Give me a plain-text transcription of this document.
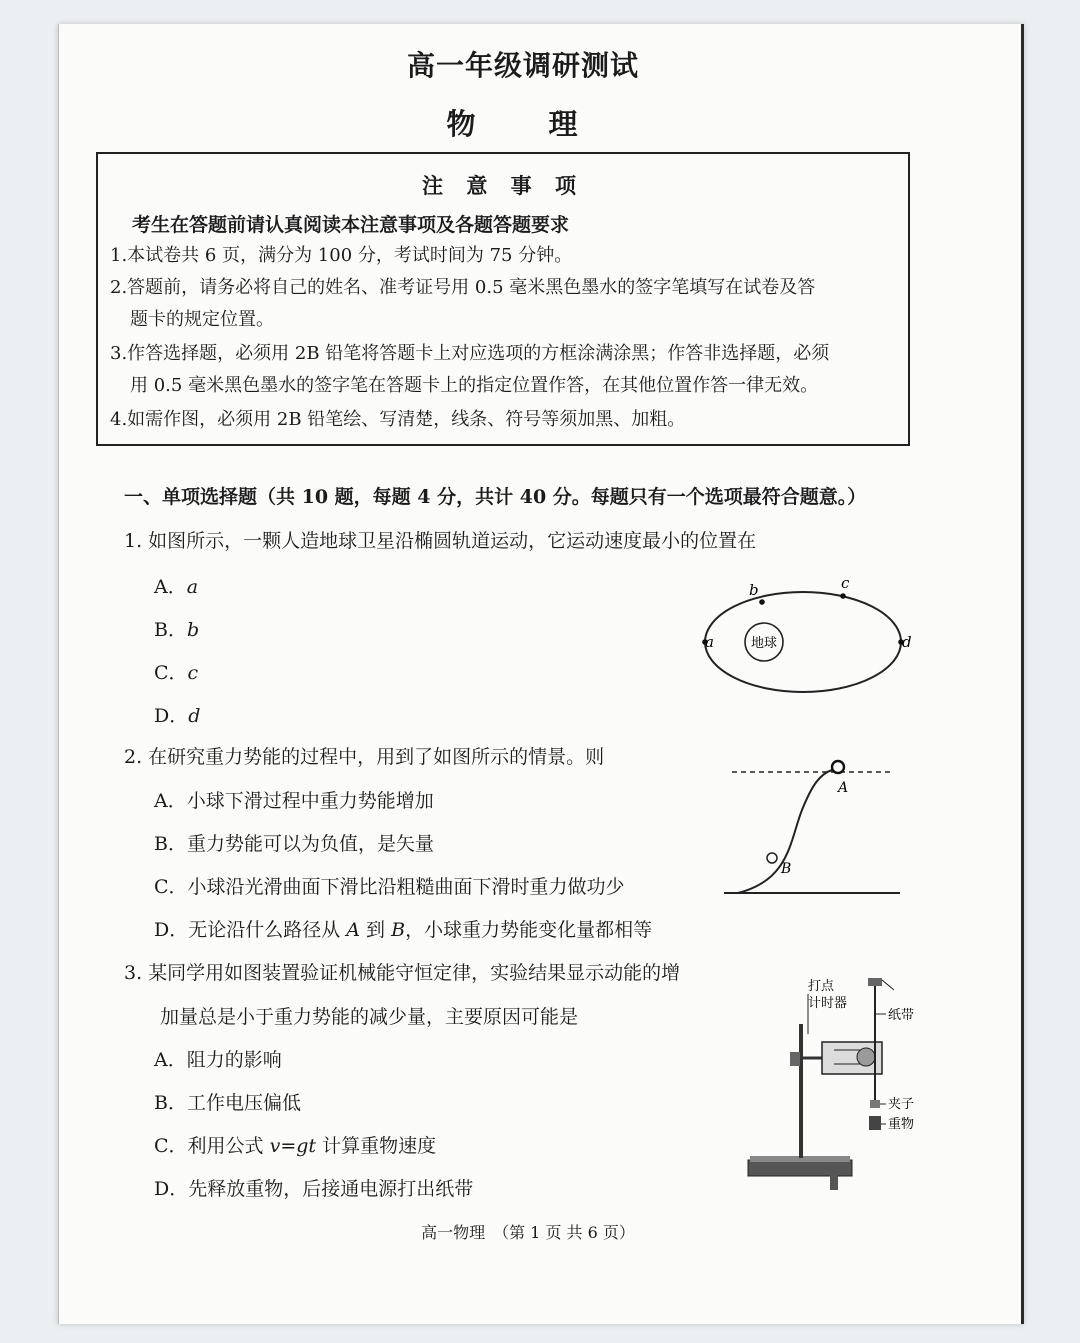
高一年级调研测试
物　理
注 意 事 项
考生在答题前请认真阅读本注意事项及各题答题要求
1.本试卷共 6 页，满分为 100 分，考试时间为 75 分钟。
2.答题前，请务必将自己的姓名、准考证号用 0.5 毫米黑色墨水的签字笔填写在试卷及答
题卡的规定位置。
3.作答选择题，必须用 2B 铅笔将答题卡上对应选项的方框涂满涂黑；作答非选择题，必须
用 0.5 毫米黑色墨水的签字笔在答题卡上的指定位置作答，在其他位置作答一律无效。
4.如需作图，必须用 2B 铅笔绘、写清楚，线条、符号等须加黑、加粗。
一、单项选择题（共 10 题，每题 4 分，共计 40 分。每题只有一个选项最符合题意。）
1. 如图所示，一颗人造地球卫星沿椭圆轨道运动，它运动速度最小的位置在
A．a
B．b
C．c
D．d
地球
b	c
a	d
2. 在研究重力势能的过程中，用到了如图所示的情景。则
A．小球下滑过程中重力势能增加
B．重力势能可以为负值，是矢量
C．小球沿光滑曲面下滑比沿粗糙曲面下滑时重力做功少
D．无论沿什么路径从 A 到 B，小球重力势能变化量都相等
A
B
3. 某同学用如图装置验证机械能守恒定律，实验结果显示动能的增
加量总是小于重力势能的减少量，主要原因可能是
A．阻力的影响
B．工作电压偏低
C．利用公式 v=gt 计算重物速度
D．先释放重物，后接通电源打出纸带
打点
计时器
纸带
夹子
重物
高一物理　（第 1 页 共 6 页）
